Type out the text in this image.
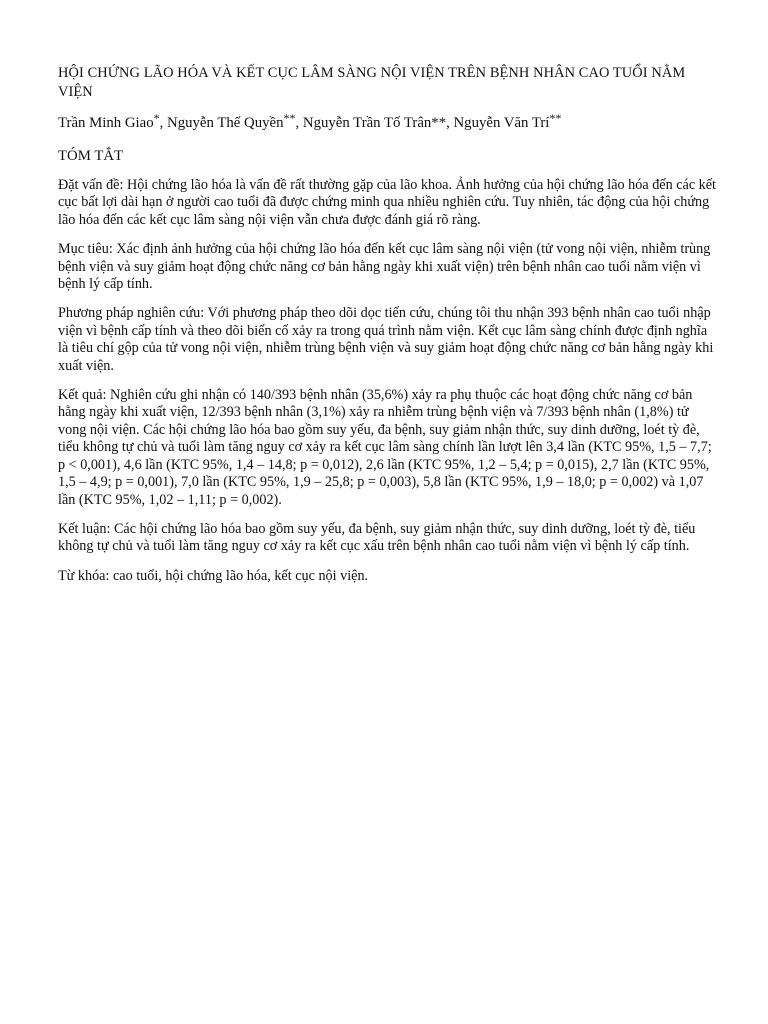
HỘI CHỨNG LÃO HÓA VÀ KẾT CỤC LÂM SÀNG NỘI VIỆN TRÊN BỆNH NHÂN CAO TUỔI NẰM VIỆN

Trần Minh Giao*, Nguyễn Thế Quyền**, Nguyễn Trần Tố Trân**, Nguyễn Văn Trí**

TÓM TẮT

Đặt vấn đề: Hội chứng lão hóa là vấn đề rất thường gặp của lão khoa. Ảnh hưởng của hội chứng lão hóa đến các kết cục bất lợi dài hạn ở người cao tuổi đã được chứng minh qua nhiều nghiên cứu. Tuy nhiên, tác động của hội chứng lão hóa đến các kết cục lâm sàng nội viện vẫn chưa được đánh giá rõ ràng.

Mục tiêu: Xác định ảnh hưởng của hội chứng lão hóa đến kết cục lâm sàng nội viện (tử vong nội viện, nhiễm trùng bệnh viện và suy giảm hoạt động chức năng cơ bản hằng ngày khi xuất viện) trên bệnh nhân cao tuổi nằm viện vì bệnh lý cấp tính.

Phương pháp nghiên cứu: Với phương pháp theo dõi dọc tiến cứu, chúng tôi thu nhận 393 bệnh nhân cao tuổi nhập viện vì bệnh cấp tính và theo dõi biến cố xảy ra trong quá trình nằm viện. Kết cục lâm sàng chính được định nghĩa là tiêu chí gộp của tử vong nội viện, nhiễm trùng bệnh viện và suy giảm hoạt động chức năng cơ bản hằng ngày khi xuất viện.

Kết quả: Nghiên cứu ghi nhận có 140/393 bệnh nhân (35,6%) xảy ra phụ thuộc các hoạt động chức năng cơ bản hằng ngày khi xuất viện, 12/393 bệnh nhân (3,1%) xảy ra nhiễm trùng bệnh viện và 7/393 bệnh nhân (1,8%) tử vong nội viện. Các hội chứng lão hóa bao gồm suy yếu, đa bệnh, suy giảm nhận thức, suy dinh dưỡng, loét tỳ đè, tiểu không tự chủ và tuổi làm tăng nguy cơ xảy ra kết cục lâm sàng chính lần lượt lên 3,4 lần (KTC 95%, 1,5 – 7,7; p < 0,001), 4,6 lần (KTC 95%, 1,4 – 14,8; p = 0,012), 2,6 lần (KTC 95%, 1,2 – 5,4; p = 0,015), 2,7 lần (KTC 95%, 1,5 – 4,9; p = 0,001), 7,0 lần (KTC 95%, 1,9 – 25,8; p = 0,003), 5,8 lần (KTC 95%, 1,9 – 18,0; p = 0,002) và 1,07 lần (KTC 95%, 1,02 – 1,11; p = 0,002).

Kết luận: Các hội chứng lão hóa bao gồm suy yếu, đa bệnh, suy giảm nhận thức, suy dinh dưỡng, loét tỳ đè, tiểu không tự chủ và tuổi làm tăng nguy cơ xảy ra kết cục xấu trên bệnh nhân cao tuổi nằm viện vì bệnh lý cấp tính.

Từ khóa: cao tuổi, hội chứng lão hóa, kết cục nội viện.
